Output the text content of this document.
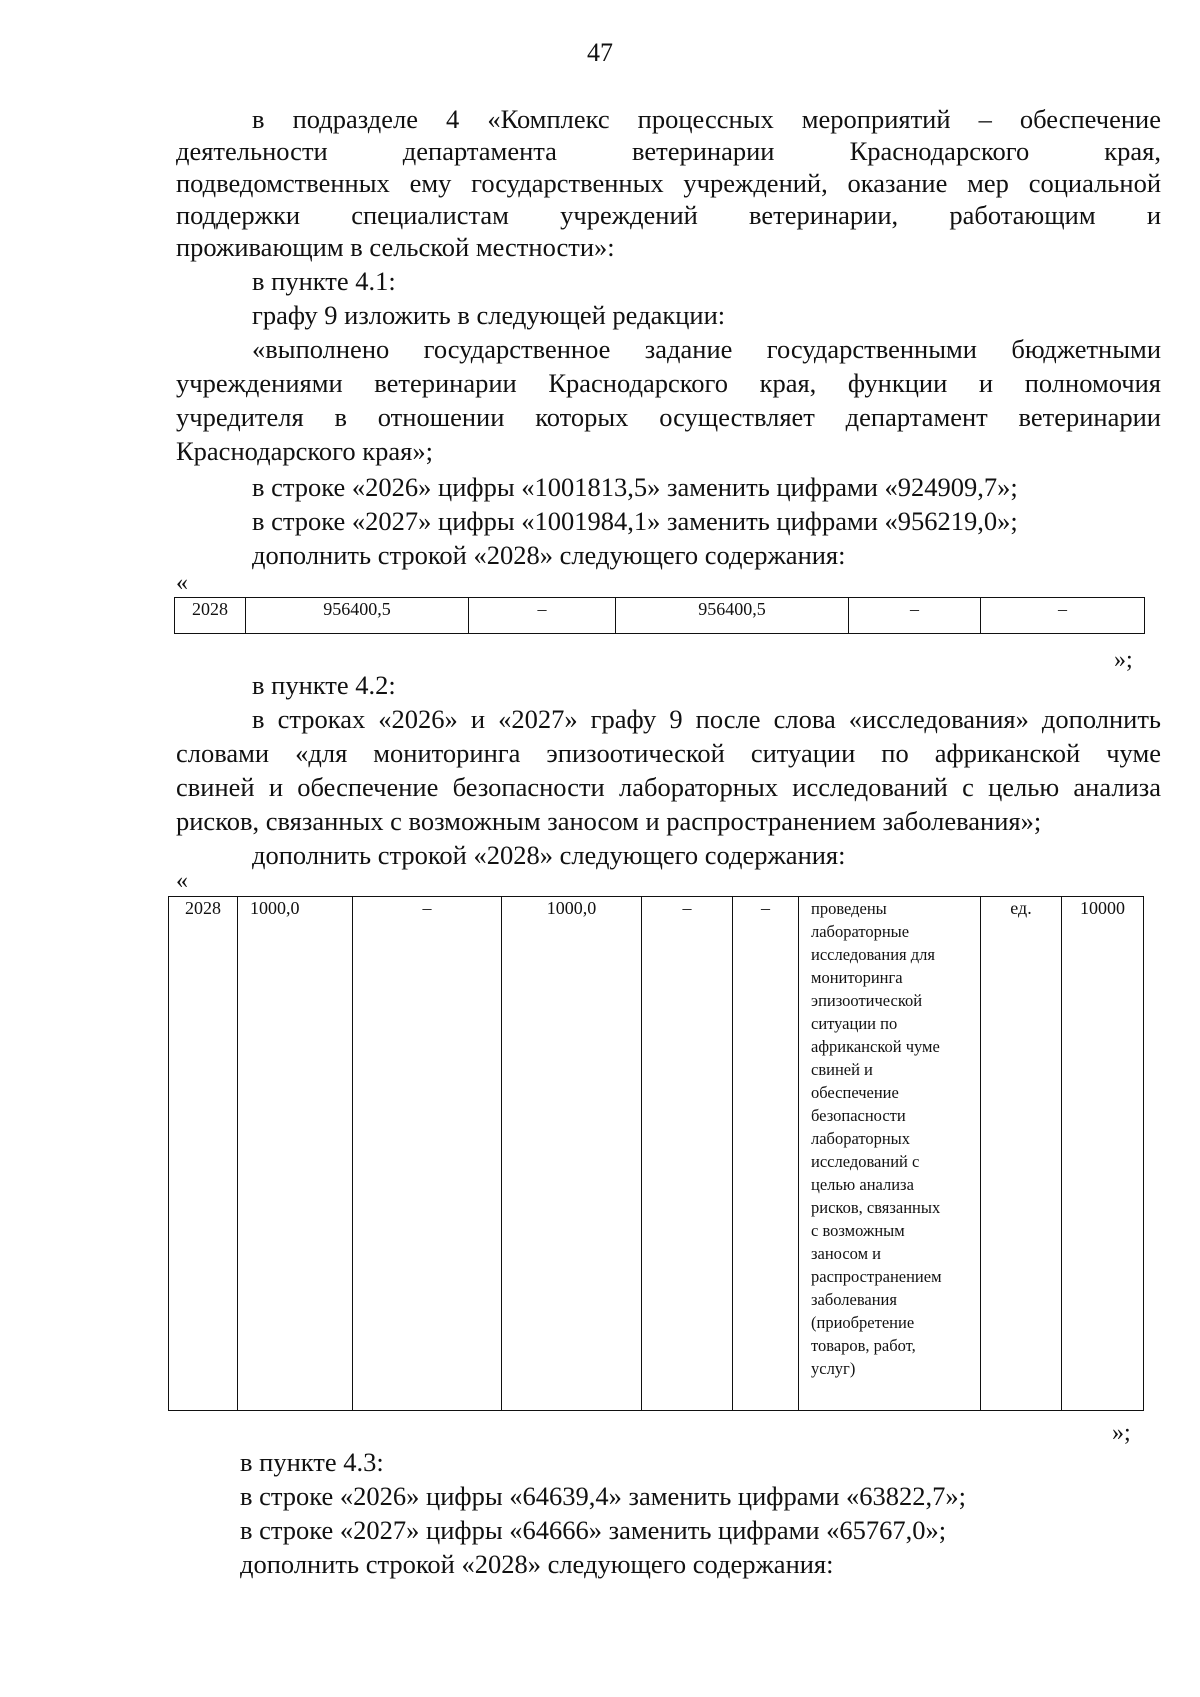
47
в подразделе 4 «Комплекс процессных мероприятий – обеспечение
деятельности департамента ветеринарии Краснодарского края,
подведомственных ему государственных учреждений, оказание мер социальной
поддержки специалистам учреждений ветеринарии, работающим и
проживающим в сельской местности»:
в пункте 4.1:
графу 9 изложить в следующей редакции:
«выполнено государственное задание государственными бюджетными
учреждениями ветеринарии Краснодарского края, функции и полномочия
учредителя в отношении которых осуществляет департамент ветеринарии
Краснодарского края»;
в строке «2026» цифры «1001813,5» заменить цифрами «924909,7»;
в строке «2027» цифры «1001984,1» заменить цифрами «956219,0»;
дополнить строкой «2028» следующего содержания:
«
2028	956400,5	–	956400,5	–	–
»;
в пункте 4.2:
в строках «2026» и «2027» графу 9 после слова «исследования» дополнить
словами «для мониторинга эпизоотической ситуации по африканской чуме
свиней и обеспечение безопасности лабораторных исследований с целью анализа
рисков, связанных с возможным заносом и распространением заболевания»;
дополнить строкой «2028» следующего содержания:
«
2028	1000,0	–	1000,0	–	–	проведены
лабораторные
исследования для
мониторинга
эпизоотической
ситуации по
африканской чуме
свиней и
обеспечение
безопасности
лабораторных
исследований с
целью анализа
рисков, связанных
с возможным
заносом и
распространением
заболевания
(приобретение
товаров, работ,
услуг)
	ед.	10000
»;
в пункте 4.3:
в строке «2026» цифры «64639,4» заменить цифрами «63822,7»;
в строке «2027» цифры «64666» заменить цифрами «65767,0»;
дополнить строкой «2028» следующего содержания:
